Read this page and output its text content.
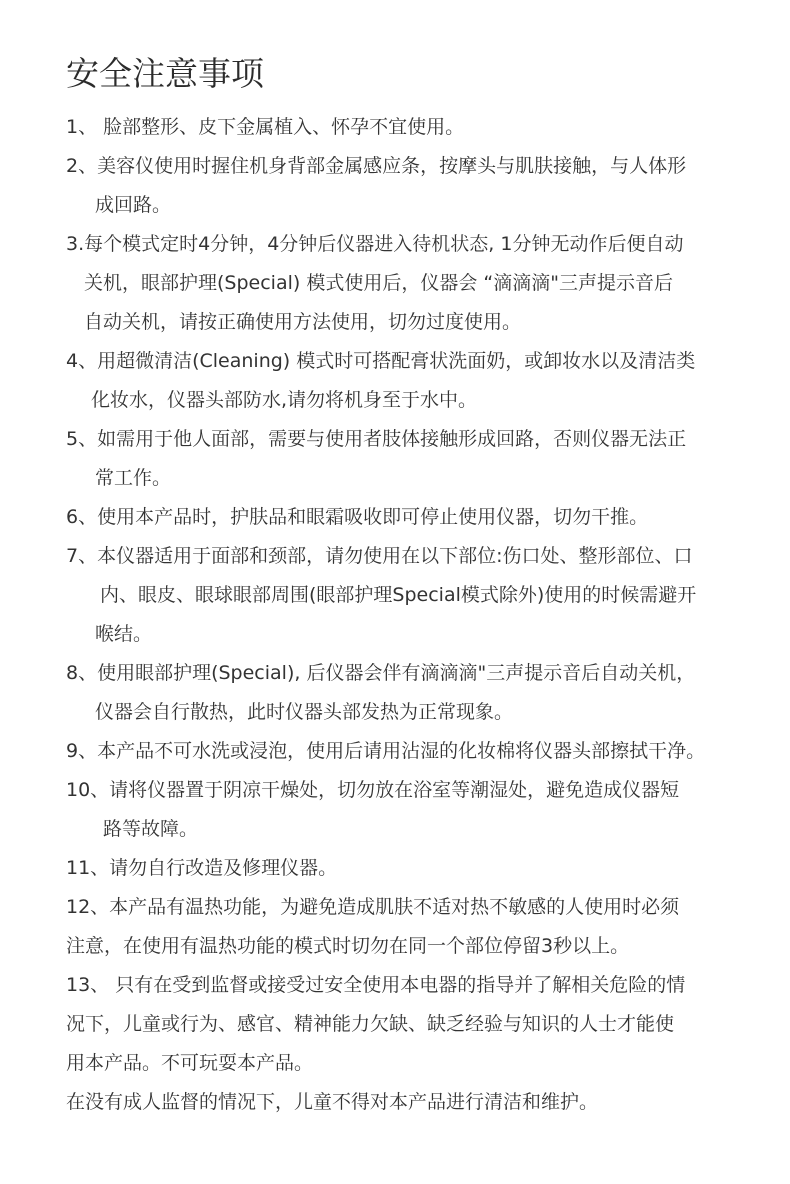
安全注意事项

1、 脸部整形、皮下金属植入、怀孕不宜使用。

2、美容仪使用时握住机身背部金属感应条，按摩头与肌肤接触，与人体形

成回路。

3.每个模式定时4分钟，4分钟后仪器进入待机状态, 1分钟无动作后便自动

关机，眼部护理(Special) 模式使用后，仪器会 “滴滴滴"三声提示音后

自动关机，请按正确使用方法使用，切勿过度使用。

4、用超微清洁(Cleaning) 模式时可搭配膏状洗面奶，或卸妆水以及清洁类

化妆水，仪器头部防水,请勿将机身至于水中。

5、如需用于他人面部，需要与使用者肢体接触形成回路，否则仪器无法正

常工作。

6、使用本产品时，护肤品和眼霜吸收即可停止使用仪器，切勿干推。

7、本仪器适用于面部和颈部，请勿使用在以下部位:伤口处、整形部位、口

内、眼皮、眼球眼部周围(眼部护理Special模式除外)使用的时候需避开

喉结。

8、使用眼部护理(Special), 后仪器会伴有滴滴滴"三声提示音后自动关机，

仪器会自行散热，此时仪器头部发热为正常现象。

9、本产品不可水洗或浸泡，使用后请用沾湿的化妆棉将仪器头部擦拭干净。

10、请将仪器置于阴凉干燥处，切勿放在浴室等潮湿处，避免造成仪器短

路等故障。

11、请勿自行改造及修理仪器。

12、本产品有温热功能，为避免造成肌肤不适对热不敏感的人使用时必须

注意，在使用有温热功能的模式时切勿在同一个部位停留3秒以上。

13、 只有在受到监督或接受过安全使用本电器的指导并了解相关危险的情

况下，儿童或行为、感官、精神能力欠缺、缺乏经验与知识的人士才能使

用本产品。不可玩耍本产品。

在没有成人监督的情况下，儿童不得对本产品进行清洁和维护。
